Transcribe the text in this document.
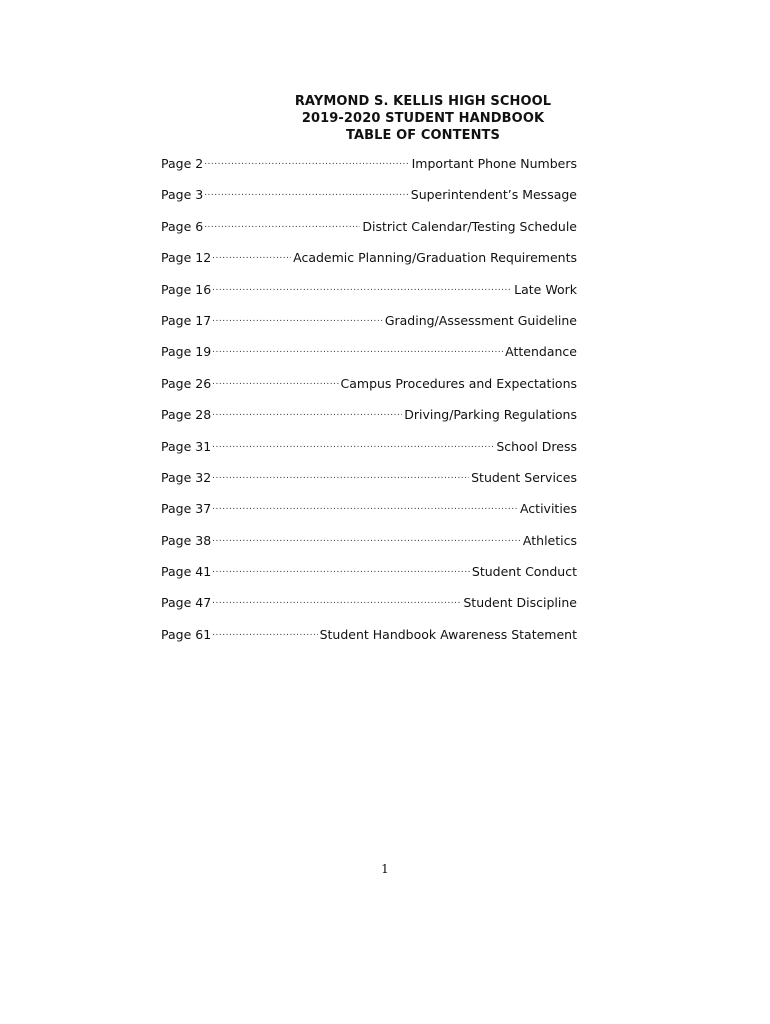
RAYMOND S. KELLIS HIGH SCHOOL
2019-2020 STUDENT HANDBOOK
TABLE OF CONTENTS
Page 2 .....	Important Phone Numbers
Page 3 .....	Superintendent’s Message
Page 6 .....	District Calendar/Testing Schedule
Page 12 .....	Academic Planning/Graduation Requirements
Page 16 .....	Late Work
Page 17 .....	Grading/Assessment Guideline
Page 19 .....	Attendance
Page 26 .....	Campus Procedures and Expectations
Page 28 .....	Driving/Parking Regulations
Page 31 .....	School Dress
Page 32 .....	Student Services
Page 37 .....	Activities
Page 38 .....	Athletics
Page 41 .....	Student Conduct
Page 47 .....	Student Discipline
Page 61 .....	Student Handbook Awareness Statement
1
